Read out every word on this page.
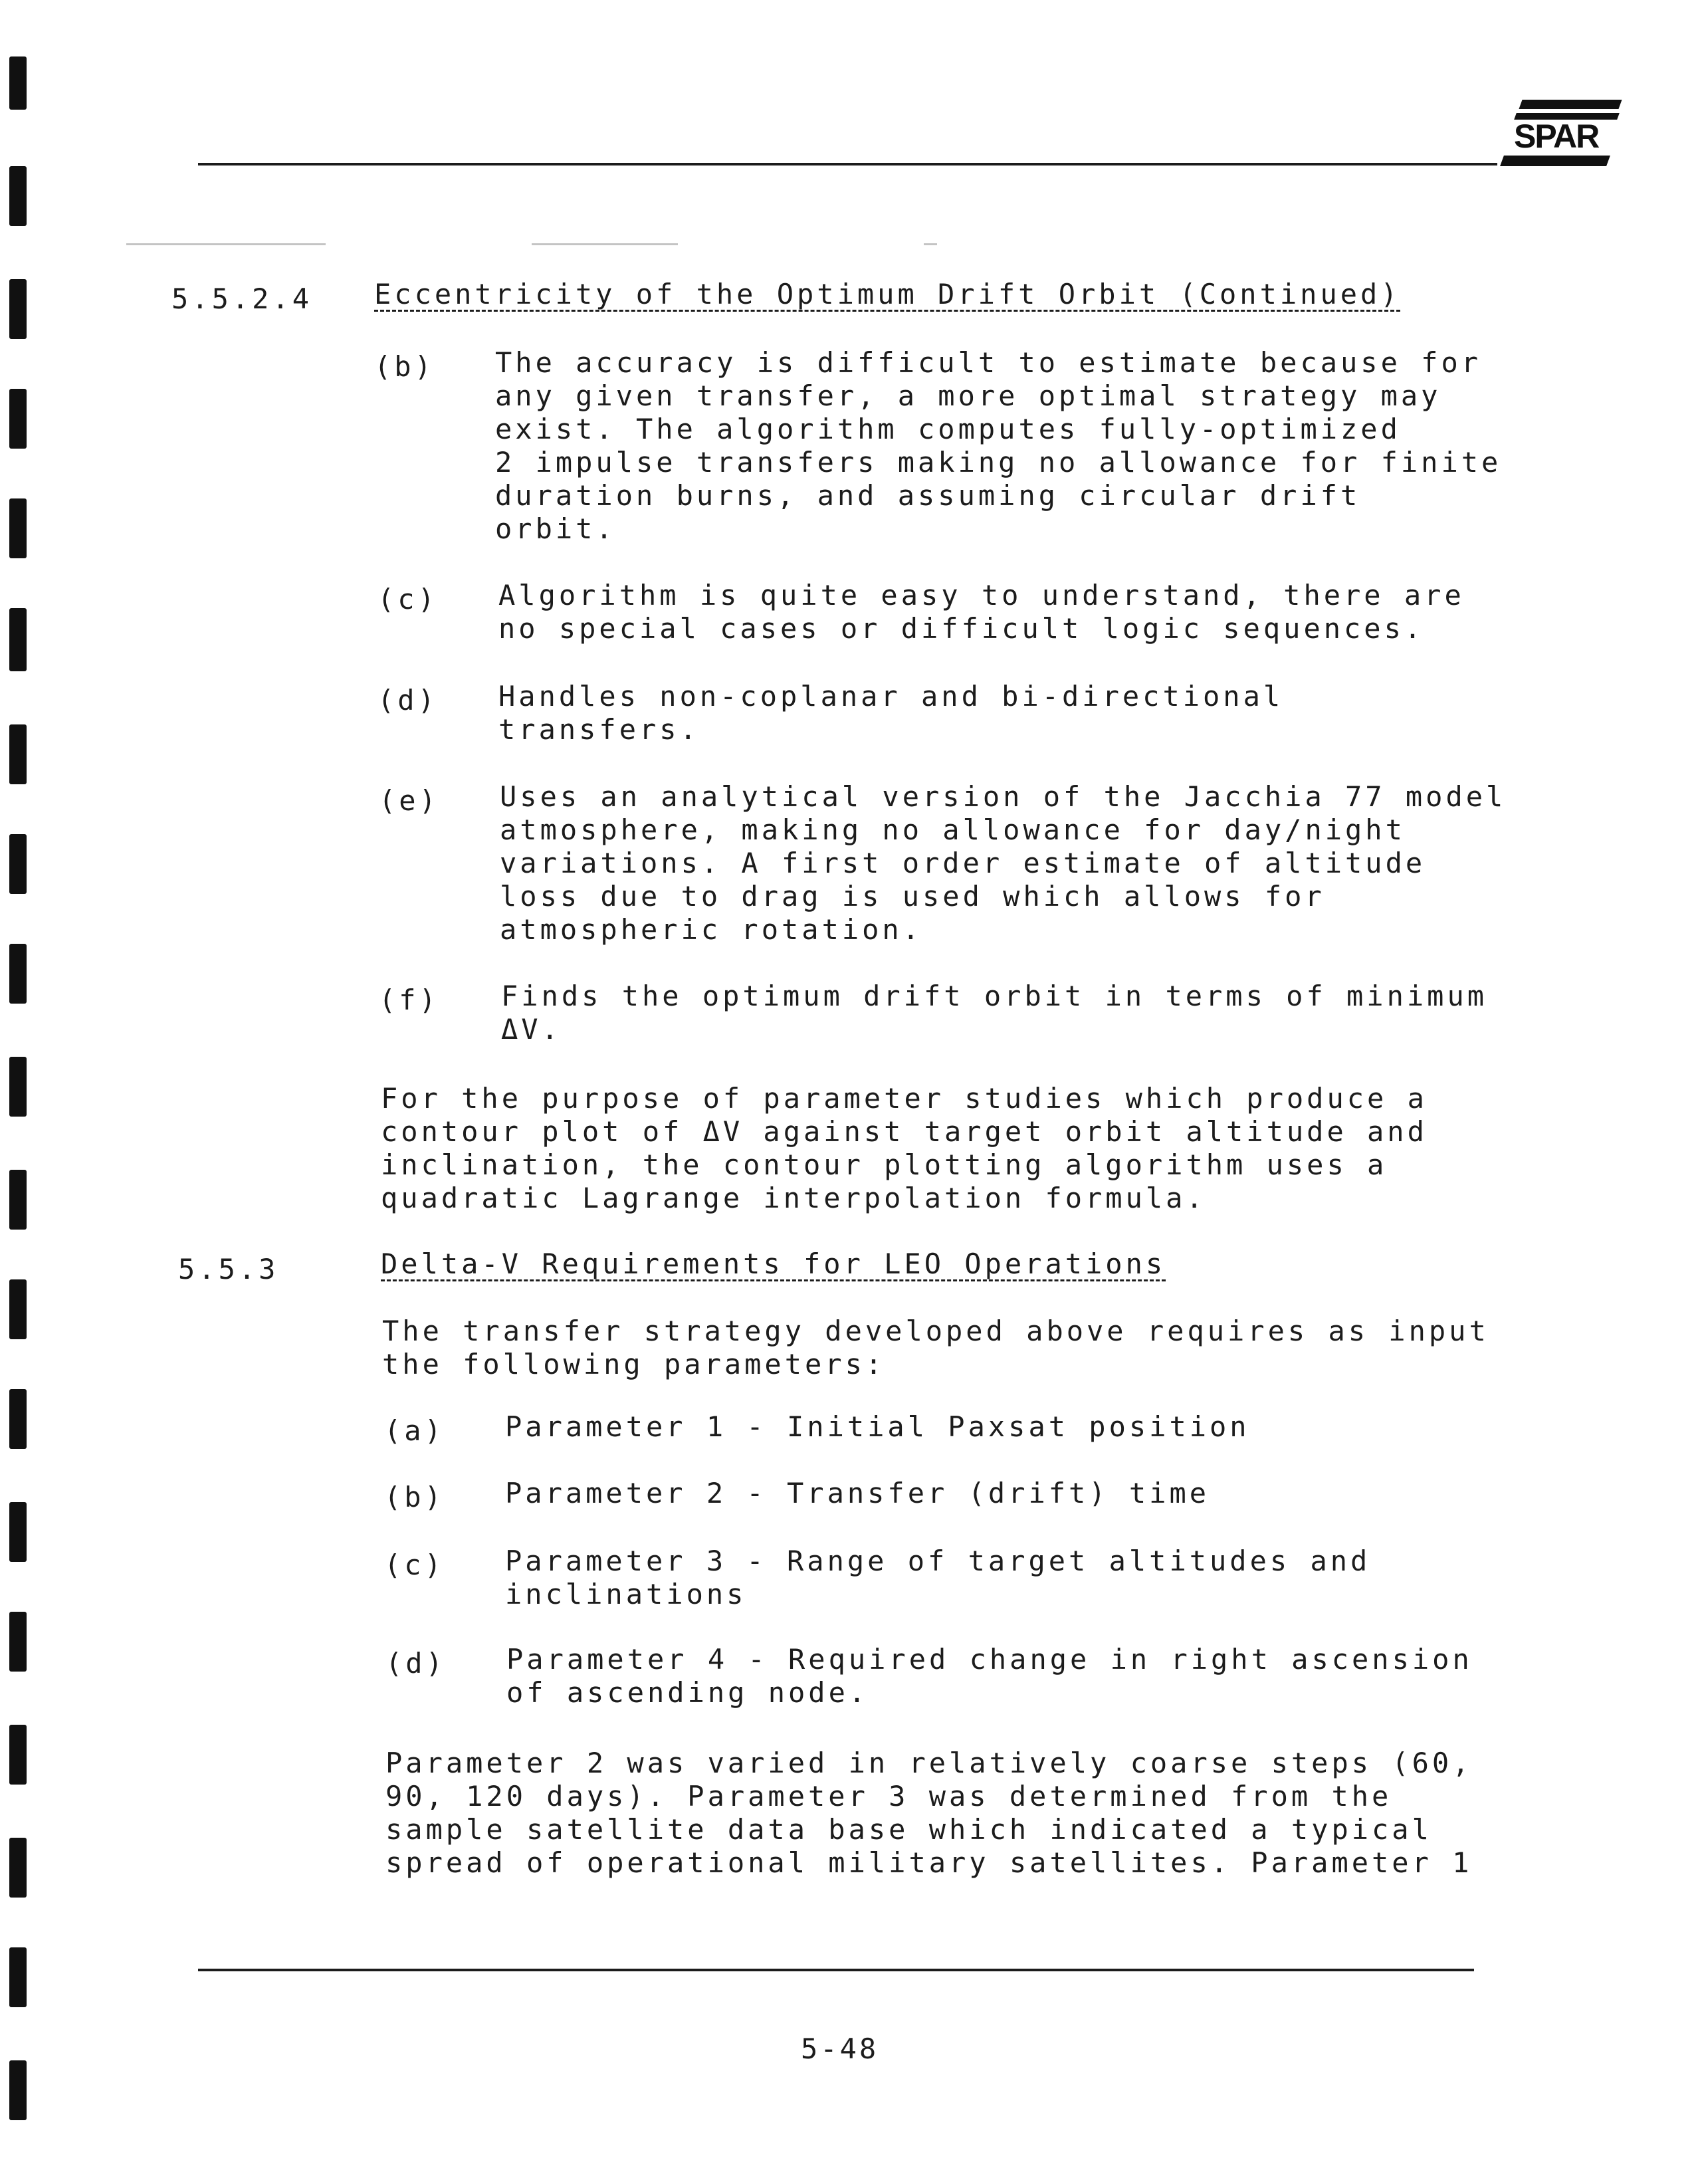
SPAR
5.5.2.4 Eccentricity of the Optimum Drift Orbit (Continued)
(b) The accuracy is difficult to estimate because for
any given transfer, a more optimal strategy may
exist. The algorithm computes fully-optimized
2 impulse transfers making no allowance for finite
duration burns, and assuming circular drift
orbit.
(c) Algorithm is quite easy to understand, there are
no special cases or difficult logic sequences.
(d) Handles non-coplanar and bi-directional
transfers.
(e) Uses an analytical version of the Jacchia 77 model
atmosphere, making no allowance for day/night
variations. A first order estimate of altitude
loss due to drag is used which allows for
atmospheric rotation.
(f) Finds the optimum drift orbit in terms of minimum
ΔV.
For the purpose of parameter studies which produce a
contour plot of ΔV against target orbit altitude and
inclination, the contour plotting algorithm uses a
quadratic Lagrange interpolation formula.
5.5.3	Delta-V Requirements for LEO Operations
The transfer strategy developed above requires as input
the following parameters:
(a) Parameter 1 - Initial Paxsat position
(b) Parameter 2 - Transfer (drift) time
(c) Parameter 3 - Range of target altitudes and
inclinations
(d) Parameter 4 - Required change in right ascension
of ascending node.
Parameter 2 was varied in relatively coarse steps (60,
90, 120 days). Parameter 3 was determined from the
sample satellite data base which indicated a typical
spread of operational military satellites. Parameter 1
5-48
